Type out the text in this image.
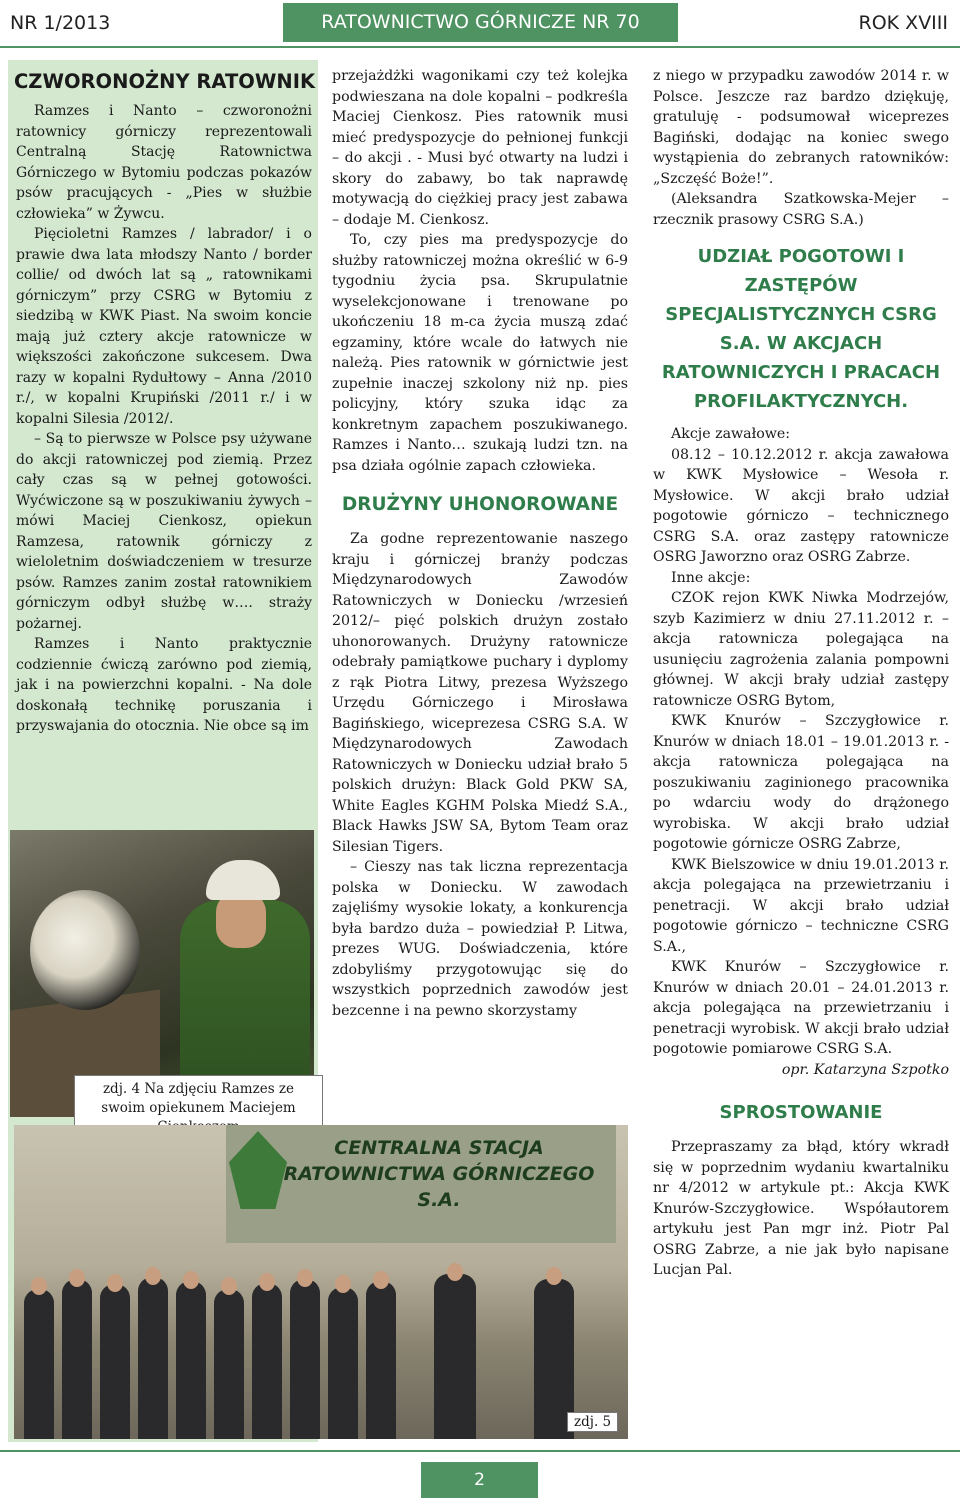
NR 1/2013	RATOWNICTWO GÓRNICZE NR 70	ROK XVIII
CZWORONOŻNY RATOWNIK

Ramzes i Nanto – czworonożni ratownicy górniczy reprezentowali Centralną Stację Ratownictwa Górniczego w Bytomiu podczas pokazów psów pracujących - „Pies w służbie człowieka” w Żywcu.

Pięcioletni Ramzes / labrador/ i o prawie dwa lata młodszy Nanto / border collie/ od dwóch lat są „ ratownikami górniczym” przy CSRG w Bytomiu z siedzibą w KWK Piast. Na swoim koncie mają już cztery akcje ratownicze w większości zakończone sukcesem. Dwa razy w kopalni Rydułtowy – Anna /2010 r./, w kopalni Krupiński /2011 r./ i w kopalni Silesia /2012/.

– Są to pierwsze w Polsce psy używane do akcji ratowniczej pod ziemią. Przez cały czas są w pełnej gotowości. Wyćwiczone są w poszukiwaniu żywych – mówi Maciej Cienkosz, opiekun Ramzesa, ratownik górniczy z wieloletnim doświadczeniem w tresurze psów. Ramzes zanim został ratownikiem górniczym odbył służbę w…. straży pożarnej.

Ramzes i Nanto praktycznie codziennie ćwiczą zarówno pod ziemią, jak i na powierzchni kopalni. - Na dole doskonałą technikę poruszania i przyswajania do otocznia. Nie obce są im

zdj. 4 Na zdjęciu Ramzes ze swoim opiekunem Maciejem

przejażdżki wagonikami czy też kolejka podwieszana na dole kopalni – podkreśla Maciej Cienkosz. Pies ratownik musi mieć predyspozycje do pełnionej funkcji – do akcji . - Musi być otwarty na ludzi i skory do zabawy, bo tak naprawdę motywacją do ciężkiej pracy jest zabawa – dodaje M. Cienkosz.

To, czy pies ma predyspozycje do służby ratowniczej można określić w 6-9 tygodniu życia psa. Skrupulatnie wyselekcjonowane i trenowane po ukończeniu 18 m-ca życia muszą zdać egzaminy, które wcale do łatwych nie należą. Pies ratownik w górnictwie jest zupełnie inaczej szkolony niż np. pies policyjny, który szuka idąc za konkretnym zapachem poszukiwanego. Ramzes i Nanto… szukają ludzi tzn. na psa działa ogólnie zapach człowieka.

DRUŻYNY UHONOROWANE

Za godne reprezentowanie naszego kraju i górniczej branży podczas Międzynarodowych Zawodów Ratowniczych w Doniecku /wrzesień 2012/– pięć polskich drużyn zostało uhonorowanych. Drużyny ratownicze odebrały pamiątkowe puchary i dyplomy z rąk Piotra Litwy, prezesa Wyższego Urzędu Górniczego i Mirosława Bagińskiego, wiceprezesa CSRG S.A. W Międzynarodowych Zawodach Ratowniczych w Doniecku udział brało 5 polskich drużyn: Black Gold PKW SA, White Eagles KGHM Polska Miedź S.A., Black Hawks JSW SA, Bytom Team oraz Silesian Tigers.

– Cieszy nas tak liczna reprezentacja polska w Doniecku. W zawodach zajęliśmy wysokie lokaty, a konkurencja była bardzo duża – powiedział P. Litwa, prezes WUG. Doświadczenia, które zdobyliśmy przygotowując się do wszystkich poprzednich zawodów jest bezcenne i na pewno skorzystamy

z niego w przypadku zawodów 2014 r. w Polsce. Jeszcze raz bardzo dziękuję, gratuluję - podsumował wiceprezes Bagiński, dodając na koniec swego wystąpienia do zebranych ratowników: „Szczęść Boże!”.

(Aleksandra Szatkowska-Mejer – rzecznik prasowy CSRG S.A.)

UDZIAŁ POGOTOWI I ZASTĘPÓW SPECJALISTYCZNYCH CSRG S.A. W AKCJACH RATOWNICZYCH I PRACACH PROFILAKTYCZNYCH.

Akcje zawałowe:

08.12 – 10.12.2012 r. akcja zawałowa w KWK Mysłowice – Wesoła r. Mysłowice. W akcji brało udział pogotowie górniczo – technicznego CSRG S.A. oraz zastępy ratownicze OSRG Jaworzno oraz OSRG Zabrze.

Inne akcje:

CZOK rejon KWK Niwka Modrzejów, szyb Kazimierz w dniu 27.11.2012 r. – akcja ratownicza polegająca na usunięciu zagrożenia zalania pompowni głównej. W akcji brały udział zastępy ratownicze OSRG Bytom,

KWK Knurów – Szczygłowice r. Knurów w dniach 18.01 – 19.01.2013 r. - akcja ratownicza polegająca na poszukiwaniu zaginionego pracownika po wdarciu wody do drążonego wyrobiska. W akcji brało udział pogotowie górnicze OSRG Zabrze,

KWK Bielszowice w dniu 19.01.2013 r. akcja polegająca na przewietrzaniu i penetracji. W akcji brało udział pogotowie górniczo – techniczne CSRG S.A.,

KWK Knurów – Szczygłowice r. Knurów w dniach 20.01 – 24.01.2013 r. akcja polegająca na przewietrzaniu i penetracji wyrobisk. W akcji brało udział pogotowie pomiarowe CSRG S.A.

opr. Katarzyna Szpotko

SPROSTOWANIE

Przepraszamy za błąd, który wkradł się w poprzednim wydaniu kwartalniku nr 4/2012 w artykule pt.: Akcja KWK Knurów-Szczygłowice. Współautorem artykułu jest Pan mgr inż. Piotr Pal OSRG Zabrze, a nie jak było napisane Lucjan Pal.

CENTRALNA STACJA RATOWNICTWA GÓRNICZEGO S.A.
zdj. 5
2
